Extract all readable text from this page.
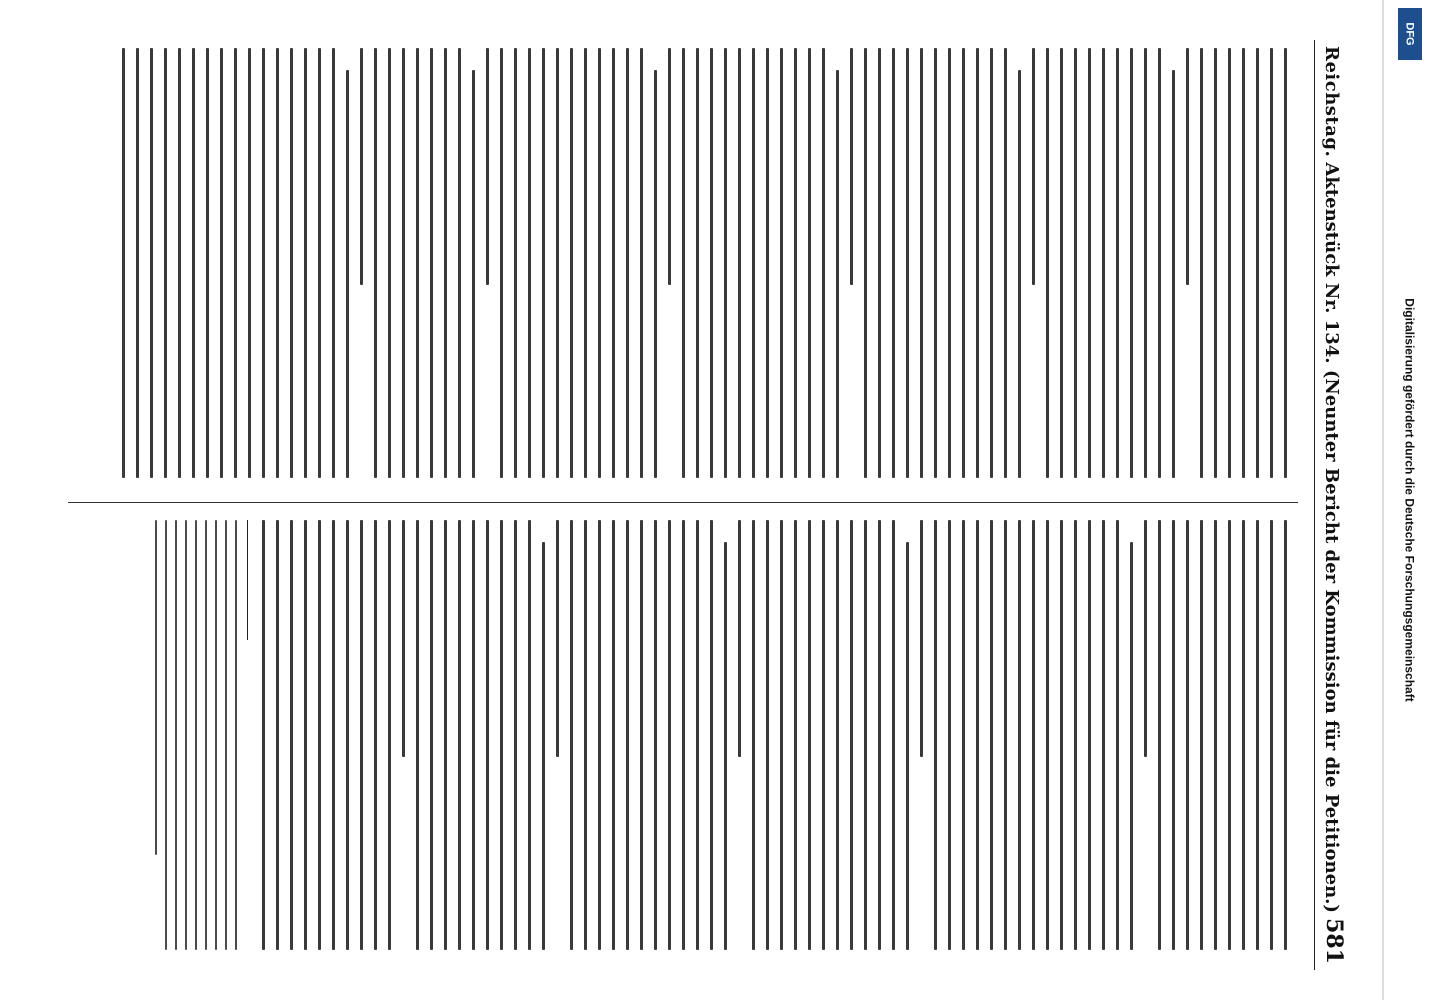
Reichstag.
Aktenstück Nr. 134. (Neunter Bericht der Kommission für die Petitionen.)
581
Digitalisierung gefördert durch die Deutsche Forschungsgemeinschaft
DFG
